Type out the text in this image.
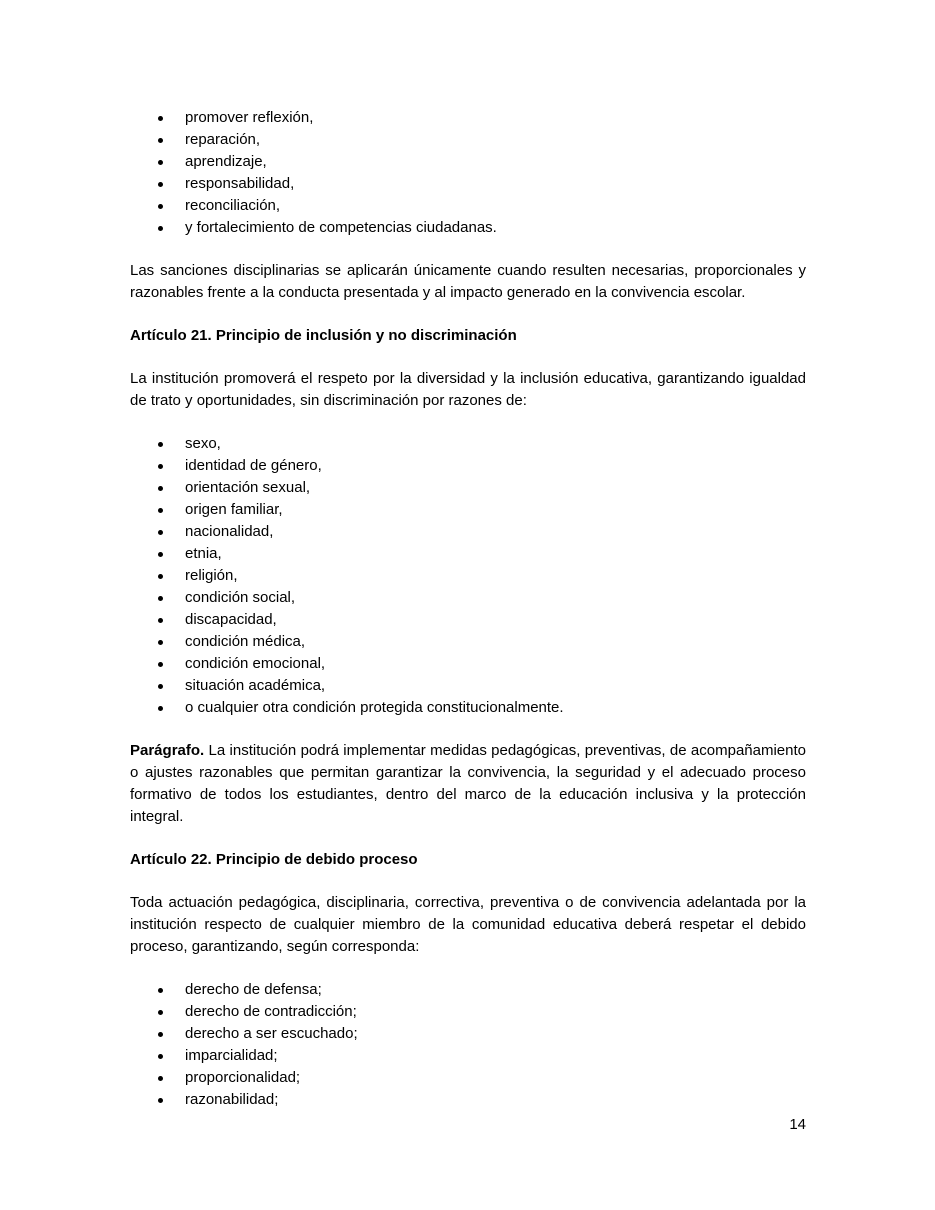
promover reflexión,
reparación,
aprendizaje,
responsabilidad,
reconciliación,
y fortalecimiento de competencias ciudadanas.

Las sanciones disciplinarias se aplicarán únicamente cuando resulten necesarias, proporcionales y razonables frente a la conducta presentada y al impacto generado en la convivencia escolar.

Artículo 21. Principio de inclusión y no discriminación

La institución promoverá el respeto por la diversidad y la inclusión educativa, garantizando igualdad de trato y oportunidades, sin discriminación por razones de:

sexo,
identidad de género,
orientación sexual,
origen familiar,
nacionalidad,
etnia,
religión,
condición social,
discapacidad,
condición médica,
condición emocional,
situación académica,
o cualquier otra condición protegida constitucionalmente.

Parágrafo. La institución podrá implementar medidas pedagógicas, preventivas, de acompañamiento o ajustes razonables que permitan garantizar la convivencia, la seguridad y el adecuado proceso formativo de todos los estudiantes, dentro del marco de la educación inclusiva y la protección integral.

Artículo 22. Principio de debido proceso

Toda actuación pedagógica, disciplinaria, correctiva, preventiva o de convivencia adelantada por la institución respecto de cualquier miembro de la comunidad educativa deberá respetar el debido proceso, garantizando, según corresponda:

derecho de defensa;
derecho de contradicción;
derecho a ser escuchado;
imparcialidad;
proporcionalidad;
razonabilidad;
14
